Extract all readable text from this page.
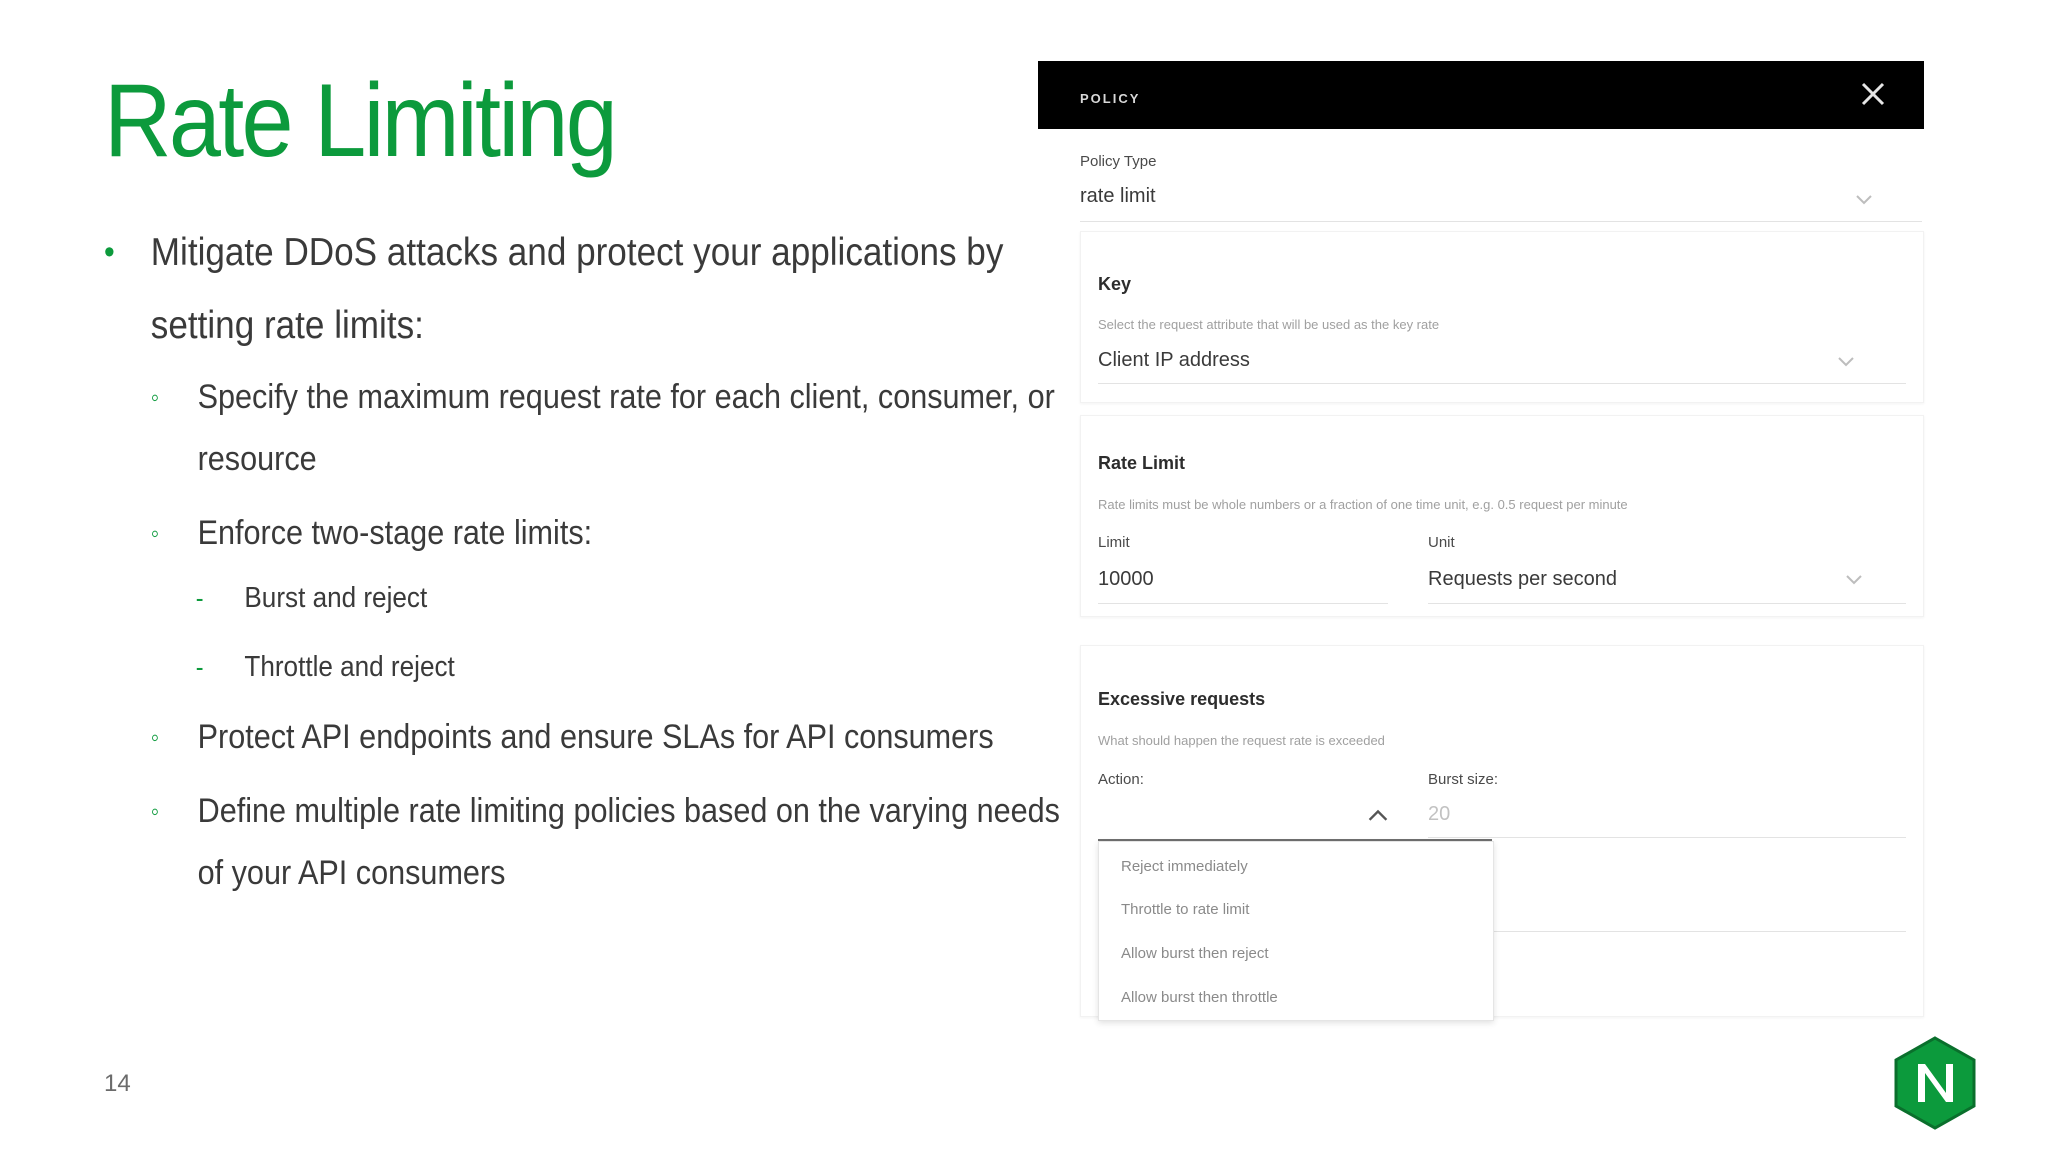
Rate Limiting
• Mitigate DDoS attacks and protect your applications by setting rate limits:
◦ Specify the maximum request rate for each client, consumer, or resource
◦ Enforce two-stage rate limits:
- Burst and reject
- Throttle and reject
◦ Protect API endpoints and ensure SLAs for API consumers
◦ Define multiple rate limiting policies based on the varying needs of your API consumers
14
POLICY
Policy Type
rate limit
Key
Select the request attribute that will be used as the key rate
Client IP address
Rate Limit
Rate limits must be whole numbers or a fraction of one time unit, e.g. 0.5 request per minute
Limit
10000
Unit
Requests per second
Excessive requests
What should happen the request rate is exceeded
Action:	Burst size:
20
Reject immediately
Throttle to rate limit
Allow burst then reject
Allow burst then throttle
